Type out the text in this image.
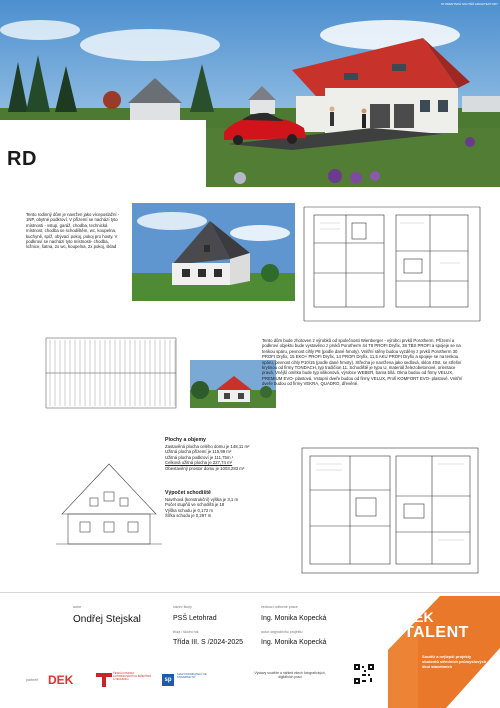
STUDENTSKÁ SOUTĚŽ ARCHITEKTURY
RD
Tento rodinný dům je navržen jako víceposlažní - 1NP, obytné podkroví. V přízemí se nachází tyto místnosti - vstup, garáž, chodba, technická místnost, chodba se schodištěm, wc, koupelna, kuchyně, spíž, obývací pokoj, pokoj pro hosty. V podkroví se nachází tyto místnosti- chodba, ložnice, šatna, 2x wc, koupelna, 2x pokoj, sklad
Tento dům bude zhotoven z výrobků od společnosti Wienberger - výrobci prvků Porotherm. Přízemí a podkroví objektu bude vystavěno z prvků Porotherm 44 T8 PROFI Dryfix, 38 TBS PROFI a spojeje se na tenkou spáru, pevnost cihly P8 (podle dané hmoty). Vnitřní stěny budou vyzděny z prvků Porotherm 30 PROFI Dryfix, 15 EKO+ PROFI Dryfix, 14 PROFI Dryfix, 11,5 AKU PROFI Dryfix a spojeje se na tenkou spáru, pevnost cihly P10/15 (podle dané hmoty). Střecha je navržena jako sedlová, sklon 40st. se střešní krytinou od firmy TONDACH, typ tradičion 11. Schodiště je typu U, materiál železobetonové, orientace pravá. Vnější omítka bude typ silikonová, výrobce WEBER, barva bílá. Okna budou od firmy VELUX, PREMIUM EVO- plastová. Vstupní dveře budou od firmy VELUX, Profi KOMFORT EVO- plastové. Vnitřní dveře budou od firmy VEKRA, QUADRO, dřevěné.
Plochy a objemy
Zastavěná plocha celého domu je 148,11 m²
Užitná plocha přízemí je 115,99 m²
Užitná plocha podkroví je 111,75m ²
Celková užitná plocha je 227,74 m²
Obestavěný prostor domu je 1003,283 m³
Výpočet schodiště
Navrhová (konstrukční) výška je 3,1 m
Počet stupňů ve schodišti je 18
Výška schodu je 0,172 m
Šířka schodu je 0,297 m
autor
Ondřej Stejskal
název školy
PSŠ Letohrad
třída / školní rok
Třída III. S /2024-2025
vedoucí odborné práce
Ing. Monika Kopecká
autor originálního projektu
Ing. Monika Kopecká
partneři DEK	ČESKÁ KOMORA AUTORIZOVANÝCH INŽENÝRŮ A TECHNIKŮ	sp
SVAZ PODNIKATELŮ VE STAVEBNICTVÍ
Výstavy soutěže a náhled všech fotografických, digitálních prací
DEK
TALENT
Soutěž a nejlepší projekty studentů středních průmyslových škol stavebních
